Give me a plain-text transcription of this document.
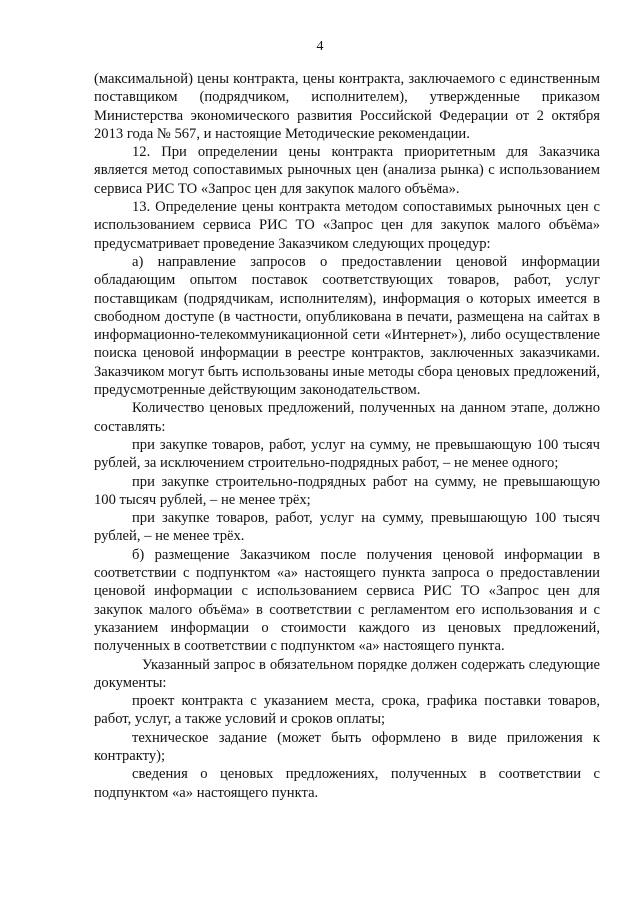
4

(максимальной) цены контракта, цены контракта, заключаемого с единственным поставщиком (подрядчиком, исполнителем), утвержденные приказом Министерства экономического развития Российской Федерации от 2 октября 2013 года № 567, и настоящие Методические рекомендации.

12. При определении цены контракта приоритетным для Заказчика является метод сопоставимых рыночных цен (анализа рынка) с использованием сервиса РИС ТО «Запрос цен для закупок малого объёма».

13. Определение цены контракта методом сопоставимых рыночных цен с использованием сервиса РИС ТО «Запрос цен для закупок малого объёма» предусматривает проведение Заказчиком следующих процедур:

а) направление запросов о предоставлении ценовой информации обладающим опытом поставок соответствующих товаров, работ, услуг поставщикам (подрядчикам, исполнителям), информация о которых имеется в свободном доступе (в частности, опубликована в печати, размещена на сайтах в информационно-телекоммуникационной сети «Интернет»), либо осуществление поиска ценовой информации в реестре контрактов, заключенных заказчиками. Заказчиком могут быть использованы иные методы сбора ценовых предложений, предусмотренные действующим законодательством.

Количество ценовых предложений, полученных на данном этапе, должно составлять:

при закупке товаров, работ, услуг на сумму, не превышающую 100 тысяч рублей, за исключением строительно-подрядных работ, – не менее одного;

при закупке строительно-подрядных работ на сумму, не превышающую 100 тысяч рублей, – не менее трёх;

при закупке товаров, работ, услуг на сумму, превышающую 100 тысяч рублей, – не менее трёх.

б) размещение Заказчиком после получения ценовой информации в соответствии с подпунктом «а» настоящего пункта запроса о предоставлении ценовой информации с использованием сервиса РИС ТО «Запрос цен для закупок малого объёма» в соответствии с регламентом его использования и с указанием информации о стоимости каждого из ценовых предложений, полученных в соответствии с подпунктом «а» настоящего пункта.

Указанный запрос в обязательном порядке должен содержать следующие документы:

проект контракта с указанием места, срока, графика поставки товаров, работ, услуг, а также условий и сроков оплаты;

техническое задание (может быть оформлено в виде приложения к контракту);

сведения о ценовых предложениях, полученных в соответствии с подпунктом «а» настоящего пункта.
